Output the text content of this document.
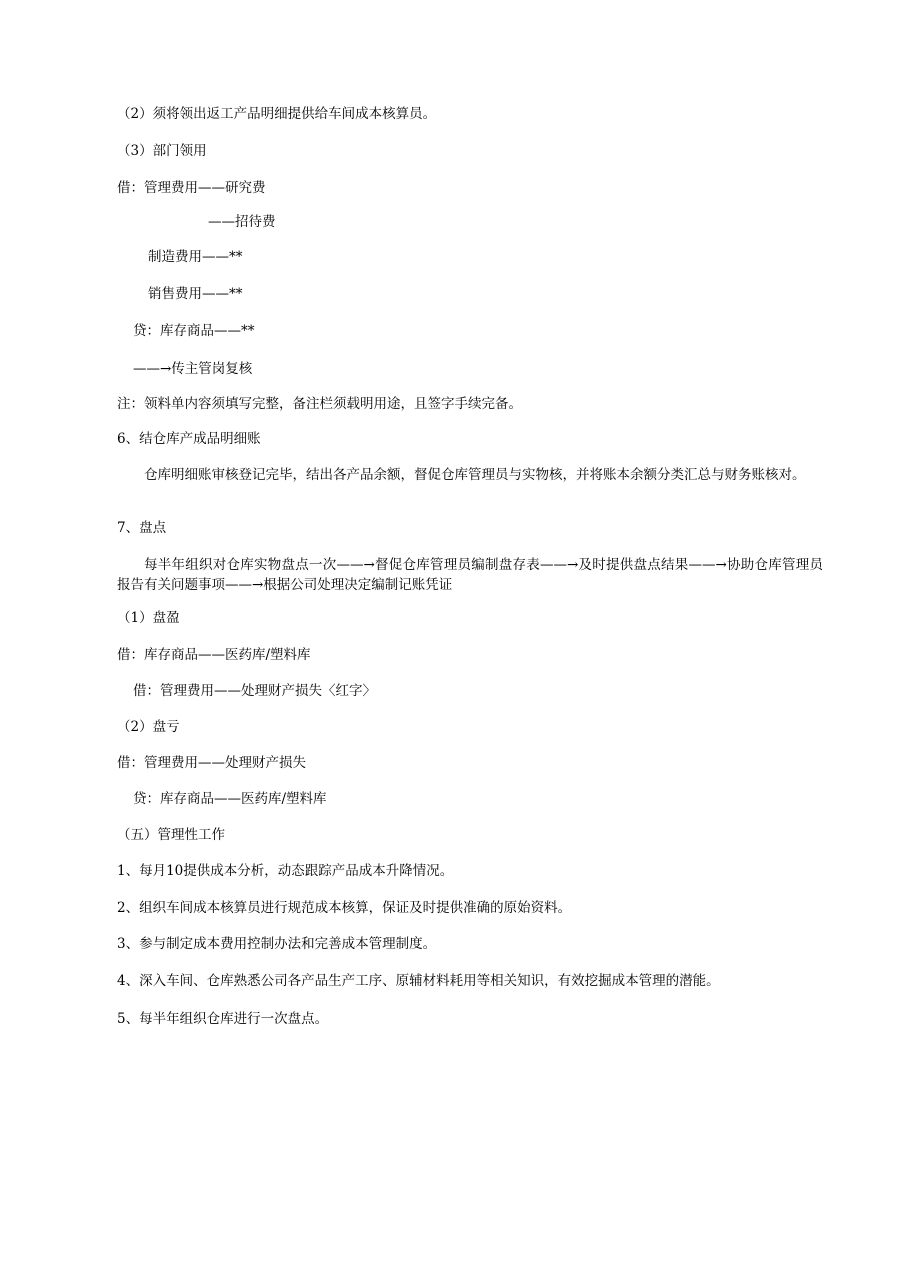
（2）须将领出返工产品明细提供给车间成本核算员。
（3）部门领用
借：管理费用——研究费
——招待费
制造费用——**
销售费用——**
贷：库存商品——**
——→传主管岗复核
注：领料单内容须填写完整，备注栏须载明用途，且签字手续完备。
6、结仓库产成品明细账
仓库明细账审核登记完毕，结出各产品余额，督促仓库管理员与实物核，并将账本余额分类汇总与财务账核对。
7、盘点
每半年组织对仓库实物盘点一次——→督促仓库管理员编制盘存表——→及时提供盘点结果——→协助仓库管理员报告有关问题事项——→根据公司处理决定编制记账凭证
（1）盘盈
借：库存商品——医药库/塑料库
借：管理费用——处理财产损失〈红字〉
（2）盘亏
借：管理费用——处理财产损失
贷：库存商品——医药库/塑料库
（五）管理性工作
1、每月10提供成本分析，动态跟踪产品成本升降情况。
2、组织车间成本核算员进行规范成本核算，保证及时提供准确的原始资料。
3、参与制定成本费用控制办法和完善成本管理制度。
4、深入车间、仓库熟悉公司各产品生产工序、原辅材料耗用等相关知识，有效挖掘成本管理的潜能。
5、每半年组织仓库进行一次盘点。
